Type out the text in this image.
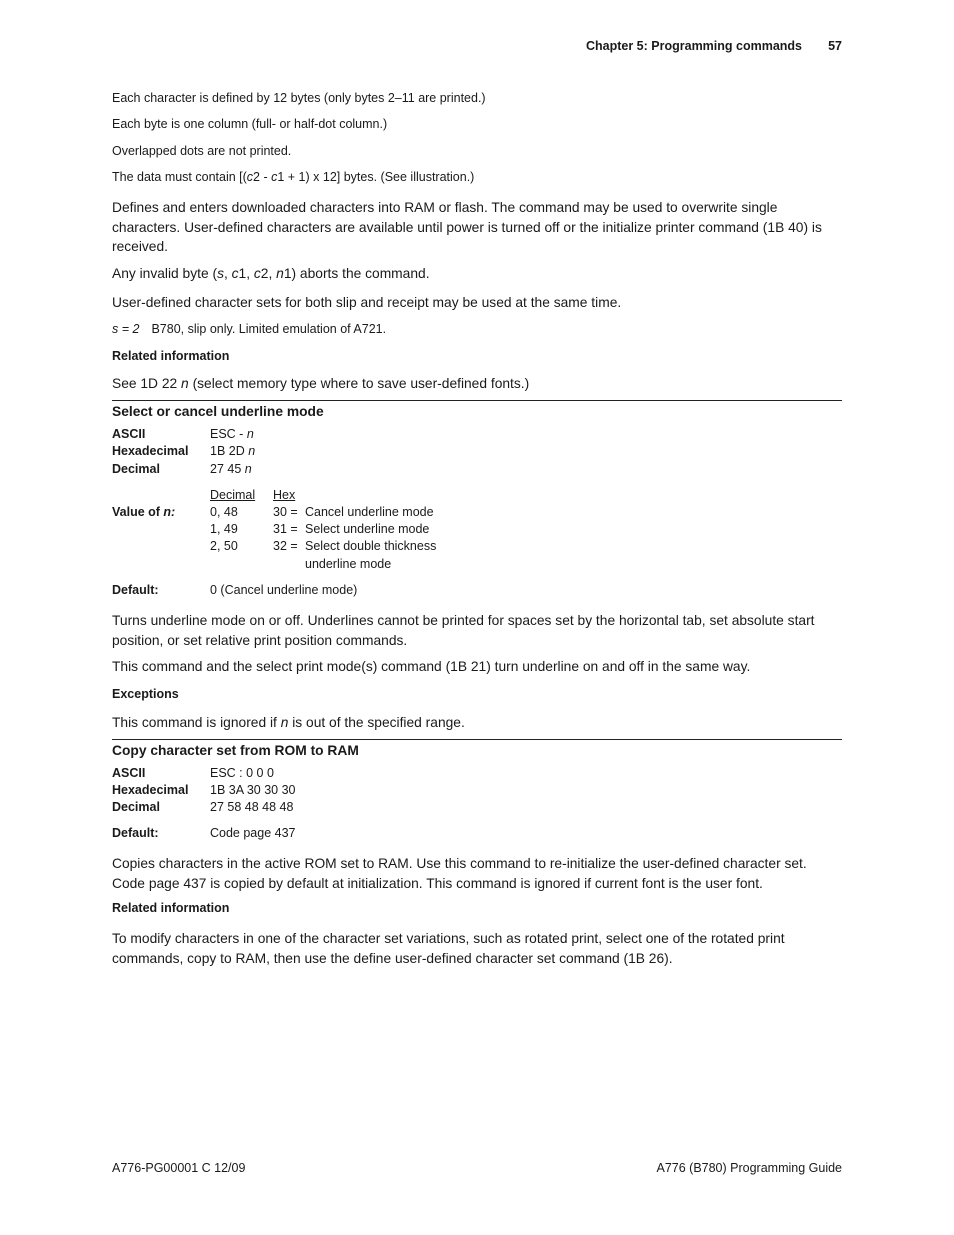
Chapter 5: Programming commands 57

Each character is defined by 12 bytes (only bytes 2–11 are printed.)

Each byte is one column (full- or half-dot column.)

Overlapped dots are not printed.

The data must contain [(c2 - c1 + 1) x 12] bytes. (See illustration.)

Defines and enters downloaded characters into RAM or flash. The command may be used to overwrite single characters. User-defined characters are available until power is turned off or the initialize printer command (1B 40) is received.

Any invalid byte (s, c1, c2, n1) aborts the command.

User-defined character sets for both slip and receipt may be used at the same time.

s = 2 B780, slip only. Limited emulation of A721.

Related information

See 1D 22 n (select memory type where to save user-defined fonts.)

Select or cancel underline mode

ASCII	ESC - n

Hexadecimal 1B 2D n

Decimal	27 45 n

Decimal Hex

Value of n:	0, 48	30 = Cancel underline mode

1, 49	31 = Select underline mode

2, 50	32 = Select double thickness

underline mode

Default:	0 (Cancel underline mode)

Turns underline mode on or off. Underlines cannot be printed for spaces set by the horizontal tab, set absolute start position, or set relative print position commands.

This command and the select print mode(s) command (1B 21) turn underline on and off in the same way.

Exceptions

This command is ignored if n is out of the specified range.

Copy character set from ROM to RAM

ASCII	ESC : 0 0 0

Hexadecimal 1B 3A 30 30 30

Decimal	27 58 48 48 48

Default:	Code page 437

Copies characters in the active ROM set to RAM. Use this command to re-initialize the user-defined character set. Code page 437 is copied by default at initialization. This command is ignored if current font is the user font.

Related information

To modify characters in one of the character set variations, such as rotated print, select one of the rotated print commands, copy to RAM, then use the define user-defined character set command (1B 26).

A776-PG00001 C 12/09	A776 (B780) Programming Guide
